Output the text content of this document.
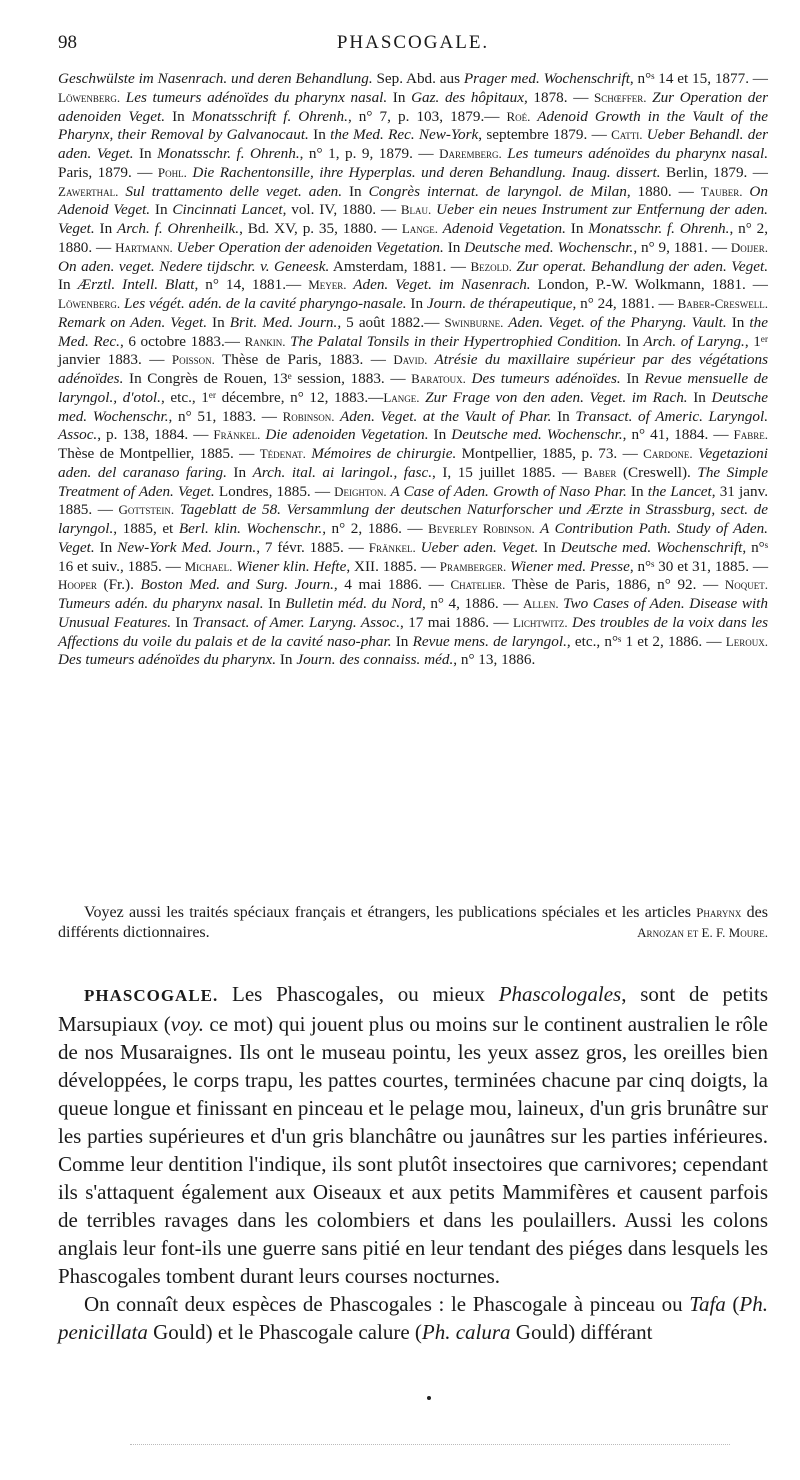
98	PHASCOGALE.

Geschwülste im Nasenrach. und deren Behandlung. Sep. Abd. aus Prager med. Wochenschrift, n°ˢ 14 et 15, 1877. — Löwenberg. Les tumeurs adénoïdes du pharynx nasal. In Gaz. des hôpitaux, 1878. — Schœffer. Zur Operation der adenoiden Veget. In Monatsschrift f. Ohrenh., n° 7, p. 103, 1879.— Roé. Adenoid Growth in the Vault of the Pharynx, their Removal by Galvanocaut. In the Med. Rec. New-York, septembre 1879. — Catti. Ueber Behandl. der aden. Veget. In Monatsschr. f. Ohrenh., n° 1, p. 9, 1879. — Daremberg. Les tumeurs adénoïdes du pharynx nasal. Paris, 1879. — Pohl. Die Rachentonsille, ihre Hyperplas. und deren Behandlung. Inaug. dissert. Berlin, 1879. — Zawerthal. Sul trattamento delle veget. aden. In Congrès internat. de laryngol. de Milan, 1880. — Tauber. On Adenoid Veget. In Cincinnati Lancet, vol. IV, 1880. — Blau. Ueber ein neues Instrument zur Entfernung der aden. Veget. In Arch. f. Ohrenheilk., Bd. XV, p. 35, 1880. — Lange. Adenoid Vegetation. In Monatsschr. f. Ohrenh., n° 2, 1880. — Hartmann. Ueber Operation der adenoiden Vegetation. In Deutsche med. Wochenschr., n° 9, 1881. — Doijer. On aden. veget. Nedere tijdschr. v. Geneesk. Amsterdam, 1881. — Bezold. Zur operat. Behandlung der aden. Veget. In Ærztl. Intell. Blatt, n° 14, 1881.— Meyer. Aden. Veget. im Nasenrach. London, P.-W. Wolkmann, 1881. — Löwenberg. Les végét. adén. de la cavité pharyngo-nasale. In Journ. de thérapeutique, n° 24, 1881. — Baber-Creswell. Remark on Aden. Veget. In Brit. Med. Journ., 5 août 1882.— Swinburne. Aden. Veget. of the Pharyng. Vault. In the Med. Rec., 6 octobre 1883.— Rankin. The Palatal Tonsils in their Hypertrophied Condition. In Arch. of Laryng., 1ᵉʳ janvier 1883. — Poisson. Thèse de Paris, 1883. — David. Atrésie du maxillaire supérieur par des végétations adénoïdes. In Congrès de Rouen, 13ᵉ session, 1883. — Baratoux. Des tumeurs adénoïdes. In Revue mensuelle de laryngol., d'otol., etc., 1ᵉʳ décembre, n° 12, 1883.—Lange. Zur Frage von den aden. Veget. im Rach. In Deutsche med. Wochenschr., n° 51, 1883. — Robinson. Aden. Veget. at the Vault of Phar. In Transact. of Americ. Laryngol. Assoc., p. 138, 1884. — Fränkel. Die adenoiden Vegetation. In Deutsche med. Wochenschr., n° 41, 1884. — Fabre. Thèse de Montpellier, 1885. — Tédenat. Mémoires de chirurgie. Montpellier, 1885, p. 73. — Cardone. Vegetazioni aden. del caranaso faring. In Arch. ital. ai laringol., fasc., I, 15 juillet 1885. — Baber (Creswell). The Simple Treatment of Aden. Veget. Londres, 1885. — Deighton. A Case of Aden. Growth of Naso Phar. In the Lancet, 31 janv. 1885. — Gottstein. Tageblatt de 58. Versammlung der deutschen Naturforscher und Ærzte in Strassburg, sect. de laryngol., 1885, et Berl. klin. Wochenschr., n° 2, 1886. — Beverley Robinson. A Contribution Path. Study of Aden. Veget. In New-York Med. Journ., 7 févr. 1885. — Fränkel. Ueber aden. Veget. In Deutsche med. Wochenschrift, n°ˢ 16 et suiv., 1885. — Michael. Wiener klin. Hefte, XII. 1885. — Pramberger. Wiener med. Presse, n°ˢ 30 et 31, 1885. — Hooper (Fr.). Boston Med. and Surg. Journ., 4 mai 1886. — Chatelier. Thèse de Paris, 1886, n° 92. — Noquet. Tumeurs adén. du pharynx nasal. In Bulletin méd. du Nord, n° 4, 1886. — Allen. Two Cases of Aden. Disease with Unusual Features. In Transact. of Amer. Laryng. Assoc., 17 mai 1886. — Lichtwitz. Des troubles de la voix dans les Affections du voile du palais et de la cavité naso-phar. In Revue mens. de laryngol., etc., n°ˢ 1 et 2, 1886. — Leroux. Des tumeurs adénoïdes du pharynx. In Journ. des connaiss. méd., n° 13, 1886.

Voyez aussi les traités spéciaux français et étrangers, les publications spéciales et les articles Pharynx des différents dictionnaires.	Arnozan et E. F. Moure.

PHASCOGALE. Les Phascogales, ou mieux Phascologales, sont de petits Marsupiaux (voy. ce mot) qui jouent plus ou moins sur le continent australien le rôle de nos Musaraignes. Ils ont le museau pointu, les yeux assez gros, les oreilles bien développées, le corps trapu, les pattes courtes, terminées chacune par cinq doigts, la queue longue et finissant en pinceau et le pelage mou, laineux, d'un gris brunâtre sur les parties supérieures et d'un gris blanchâtre ou jaunâtres sur les parties inférieures. Comme leur dentition l'indique, ils sont plutôt insectoires que carnivores; cependant ils s'attaquent également aux Oiseaux et aux petits Mammifères et causent parfois de terribles ravages dans les colombiers et dans les poulaillers. Aussi les colons anglais leur font-ils une guerre sans pitié en leur tendant des piéges dans lesquels les Phascogales tombent durant leurs courses nocturnes.

On connaît deux espèces de Phascogales : le Phascogale à pinceau ou Tafa (Ph. penicillata Gould) et le Phascogale calure (Ph. calura Gould) différant
